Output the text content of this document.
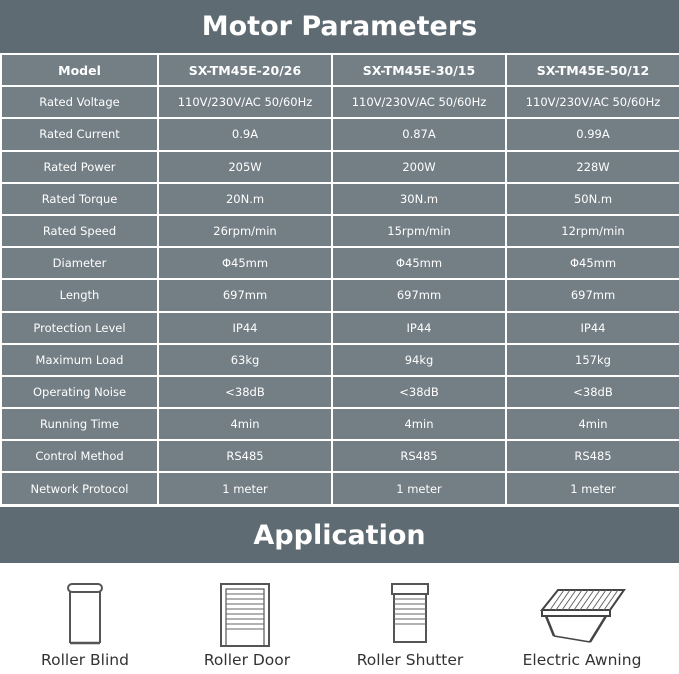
Motor Parameters
Model	SX-TM45E-20/26	SX-TM45E-30/15	SX-TM45E-50/12
Rated Voltage	110V/230V/AC 50/60Hz	110V/230V/AC 50/60Hz	110V/230V/AC 50/60Hz
Rated Current	0.9A	0.87A	0.99A
Rated Power	205W	200W	228W
Rated Torque	20N.m	30N.m	50N.m
Rated Speed	26rpm/min	15rpm/min	12rpm/min
Diameter	Φ45mm	Φ45mm	Φ45mm
Length	697mm	697mm	697mm
Protection Level	IP44	IP44	IP44
Maximum Load	63kg	94kg	157kg
Operating Noise	<38dB	<38dB	<38dB
Running Time	4min	4min	4min
Control Method	RS485	RS485	RS485
Network Protocol	1 meter	1 meter	1 meter
Application
Roller Blind	Roller Door	Roller Shutter	Electric Awning
